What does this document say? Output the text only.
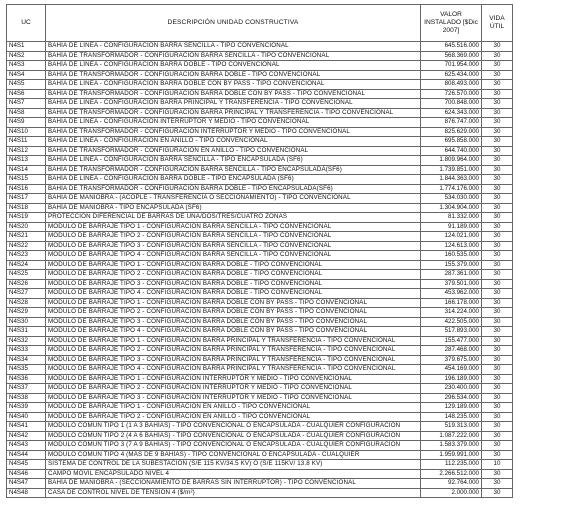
UC	DESCRIPCIÓN UNIDAD CONSTRUCTIVA	VALOR INSTALADO [$Dic 2007]	VIDA ÚTIL
N4S1	BAHÍA DE LÍNEA - CONFIGURACIÓN BARRA SENCILLA - TIPO CONVENCIONAL	645.516.000	30
N4S2	BAHÍA DE TRANSFORMADOR - CONFIGURACIÓN BARRA SENCILLA - TIPO CONVENCIONAL	568.369.000	30
N4S3	BAHÍA DE LÍNEA - CONFIGURACIÓN BARRA DOBLE - TIPO CONVENCIONAL	701.954.000	30
N4S4	BAHÍA DE TRANSFORMADOR - CONFIGURACIÓN BARRA DOBLE - TIPO CONVENCIONAL	625.434.000	30
N4S5	BAHÍA DE LÍNEA - CONFIGURACIÓN BARRA DOBLE CON BY PASS - TIPO CONVENCIONAL	808.493.000	30
N4S6	BAHÍA DE TRANSFORMADOR - CONFIGURACIÓN BARRA DOBLE CON BY PASS - TIPO CONVENCIONAL	726.570.000	30
N4S7	BAHÍA DE LÍNEA - CONFIGURACIÓN BARRA PRINCIPAL Y TRANSFERENCIA - TIPO CONVENCIONAL	700.848.000	30
N4S8	BAHÍA DE TRANSFORMADOR - CONFIGURACIÓN BARRA PRINCIPAL Y TRANSFERENCIA - TIPO CONVENCIONAL	624.343.000	30
N4S9	BAHÍA DE LÍNEA - CONFIGURACIÓN INTERRUPTOR Y MEDIO - TIPO CONVENCIONAL	876.747.000	30
N4S10	BAHÍA DE TRANSFORMADOR - CONFIGURACIÓN INTERRUPTOR Y MEDIO - TIPO CONVENCIONAL	825.629.000	30
N4S11	BAHÍA DE LÍNEA - CONFIGURACIÓN EN ANILLO - TIPO CONVENCIONAL	695.858.000	30
N4S12	BAHÍA DE TRANSFORMADOR - CONFIGURACIÓN EN ANILLO - TIPO CONVENCIONAL	644.740.000	30
N4S13	BAHÍA DE LÍNEA - CONFIGURACIÓN BARRA SENCILLA - TIPO ENCAPSULADA (SF6)	1.809.964.000	30
N4S14	BAHÍA DE TRANSFORMADOR - CONFIGURACIÓN BARRA SENCILLA - TIPO ENCAPSULADA(SF6)	1.739.851.000	30
N4S15	BAHÍA DE LÍNEA - CONFIGURACIÓN BARRA DOBLE - TIPO ENCAPSULADA (SF6)	1.844.363.000	30
N4S16	BAHÍA DE TRANSFORMADOR - CONFIGURACIÓN BARRA DOBLE - TIPO ENCAPSULADA(SF6)	1.774.176.000	30
N4S17	BAHÍA DE MANIOBRA - (ACOPLE - TRANSFERENCIA O SECCIONAMIENTO) - TIPO CONVENCIONAL	534.030.000	30
N4S18	BAHÍA DE MANIOBRA - TIPO ENCAPSULADA (SF6)	1.304.904.000	30
N4S19	PROTECCIÓN DIFERENCIAL DE BARRAS DE UNA/DOS/TRES/CUATRO ZONAS	81.332.000	30
N4S20	MÓDULO DE BARRAJE TIPO 1 - CONFIGURACIÓN BARRA SENCILLA - TIPO CONVENCIONAL	91.189.000	30
N4S21	MÓDULO DE BARRAJE TIPO 2 - CONFIGURACIÓN BARRA SENCILLA - TIPO CONVENCIONAL	124.021.000	30
N4S22	MÓDULO DE BARRAJE TIPO 3 - CONFIGURACIÓN BARRA SENCILLA - TIPO CONVENCIONAL	124.613.000	30
N4S23	MÓDULO DE BARRAJE TIPO 4 - CONFIGURACIÓN BARRA SENCILLA - TIPO CONVENCIONAL	160.535.000	30
N4S24	MÓDULO DE BARRAJE TIPO 1 - CONFIGURACIÓN BARRA DOBLE - TIPO CONVENCIONAL	155.379.000	30
N4S25	MÓDULO DE BARRAJE TIPO 2 - CONFIGURACIÓN BARRA DOBLE - TIPO CONVENCIONAL	287.361.000	30
N4S26	MÓDULO DE BARRAJE TIPO 3 - CONFIGURACIÓN BARRA DOBLE - TIPO CONVENCIONAL	379.501.000	30
N4S27	MÓDULO DE BARRAJE TIPO 4 - CONFIGURACIÓN BARRA DOBLE - TIPO CONVENCIONAL	453.962.000	30
N4S28	MÓDULO DE BARRAJE TIPO 1 - CONFIGURACIÓN BARRA DOBLE CON BY PASS - TIPO CONVENCIONAL	166.178.000	30
N4S29	MÓDULO DE BARRAJE TIPO 2 - CONFIGURACIÓN BARRA DOBLE CON BY PASS - TIPO CONVENCIONAL	314.224.000	30
N4S30	MÓDULO DE BARRAJE TIPO 3 - CONFIGURACIÓN BARRA DOBLE CON BY PASS - TIPO CONVENCIONAL	422.505.000	30
N4S31	MÓDULO DE BARRAJE TIPO 4 - CONFIGURACIÓN BARRA DOBLE CON BY PASS - TIPO CONVENCIONAL	517.893.000	30
N4S32	MÓDULO DE BARRAJE TIPO 1 - CONFIGURACIÓN BARRA PRINCIPAL Y TRANSFERENCIA - TIPO CONVENCIONAL	155.477.000	30
N4S33	MÓDULO DE BARRAJE TIPO 2 - CONFIGURACIÓN BARRA PRINCIPAL Y TRANSFERENCIA - TIPO CONVENCIONAL	287.468.000	30
N4S34	MÓDULO DE BARRAJE TIPO 3 - CONFIGURACIÓN BARRA PRINCIPAL Y TRANSFERENCIA - TIPO CONVENCIONAL	379.675.000	30
N4S35	MÓDULO DE BARRAJE TIPO 4 - CONFIGURACIÓN BARRA PRINCIPAL Y TRANSFERENCIA - TIPO CONVENCIONAL	454.169.000	30
N4S36	MÓDULO DE BARRAJE TIPO 1 - CONFIGURACIÓN INTERRUPTOR Y MEDIO - TIPO CONVENCIONAL	196.189.000	30
N4S37	MÓDULO DE BARRAJE TIPO 2 - CONFIGURACIÓN INTERRUPTOR Y MEDIO - TIPO CONVENCIONAL	230.400.000	30
N4S38	MÓDULO DE BARRAJE TIPO 3 - CONFIGURACIÓN INTERRUPTOR Y MEDIO - TIPO CONVENCIONAL	296.534.000	30
N4S39	MÓDULO DE BARRAJE TIPO 1 - CONFIGURACIÓN EN ANILLO - TIPO CONVENCIONAL	129.189.000	30
N4S40	MÓDULO DE BARRAJE TIPO 2 - CONFIGURACIÓN EN ANILLO - TIPO CONVENCIONAL	148.235.000	30
N4S41	MÓDULO COMÚN TIPO 1 (1 A 3 BAHÍAS) - TIPO CONVENCIONAL O ENCAPSULADA - CUALQUIER CONFIGURACIÓN	519.313.000	30
N4S42	MÓDULO COMÚN TIPO 2 (4 A 6 BAHÍAS) - TIPO CONVENCIONAL O ENCAPSULADA - CUALQUIER CONFIGURACIÓN	1.087.222.000	30
N4S43	MÓDULO COMÚN TIPO 3 (7 A 9 BAHÍAS) - TIPO CONVENCIONAL O ENCAPSULADA - CUALQUIER CONFIGURACIÓN	1.583.379.000	30
N4S44	MÓDULO COMÚN TIPO 4 (MÁS DE 9 BAHÍAS) - TIPO CONVENCIONAL O ENCAPSULADA - CUALQUIER	1.959.991.000	30
N4S45	SISTEMA DE CONTROL DE LA SUBESTACIÓN (S/E 115 KV/34.5 KV) O (S/E 115KV/ 13.8 KV)	112.235.000	10
N4S46	CAMPO MÓVIL ENCAPSULADO NIVEL 4	2.266.512.000	30
N4S47	BAHÍA DE MANIOBRA - (SECCIONAMIENTO DE BARRAS SIN INTERRUPTOR) - TIPO CONVENCIONAL	92.764.000	30
N4S48	CASA DE CONTROL NIVEL DE TENSIÓN 4 ($/m²)	2.000.000	30
